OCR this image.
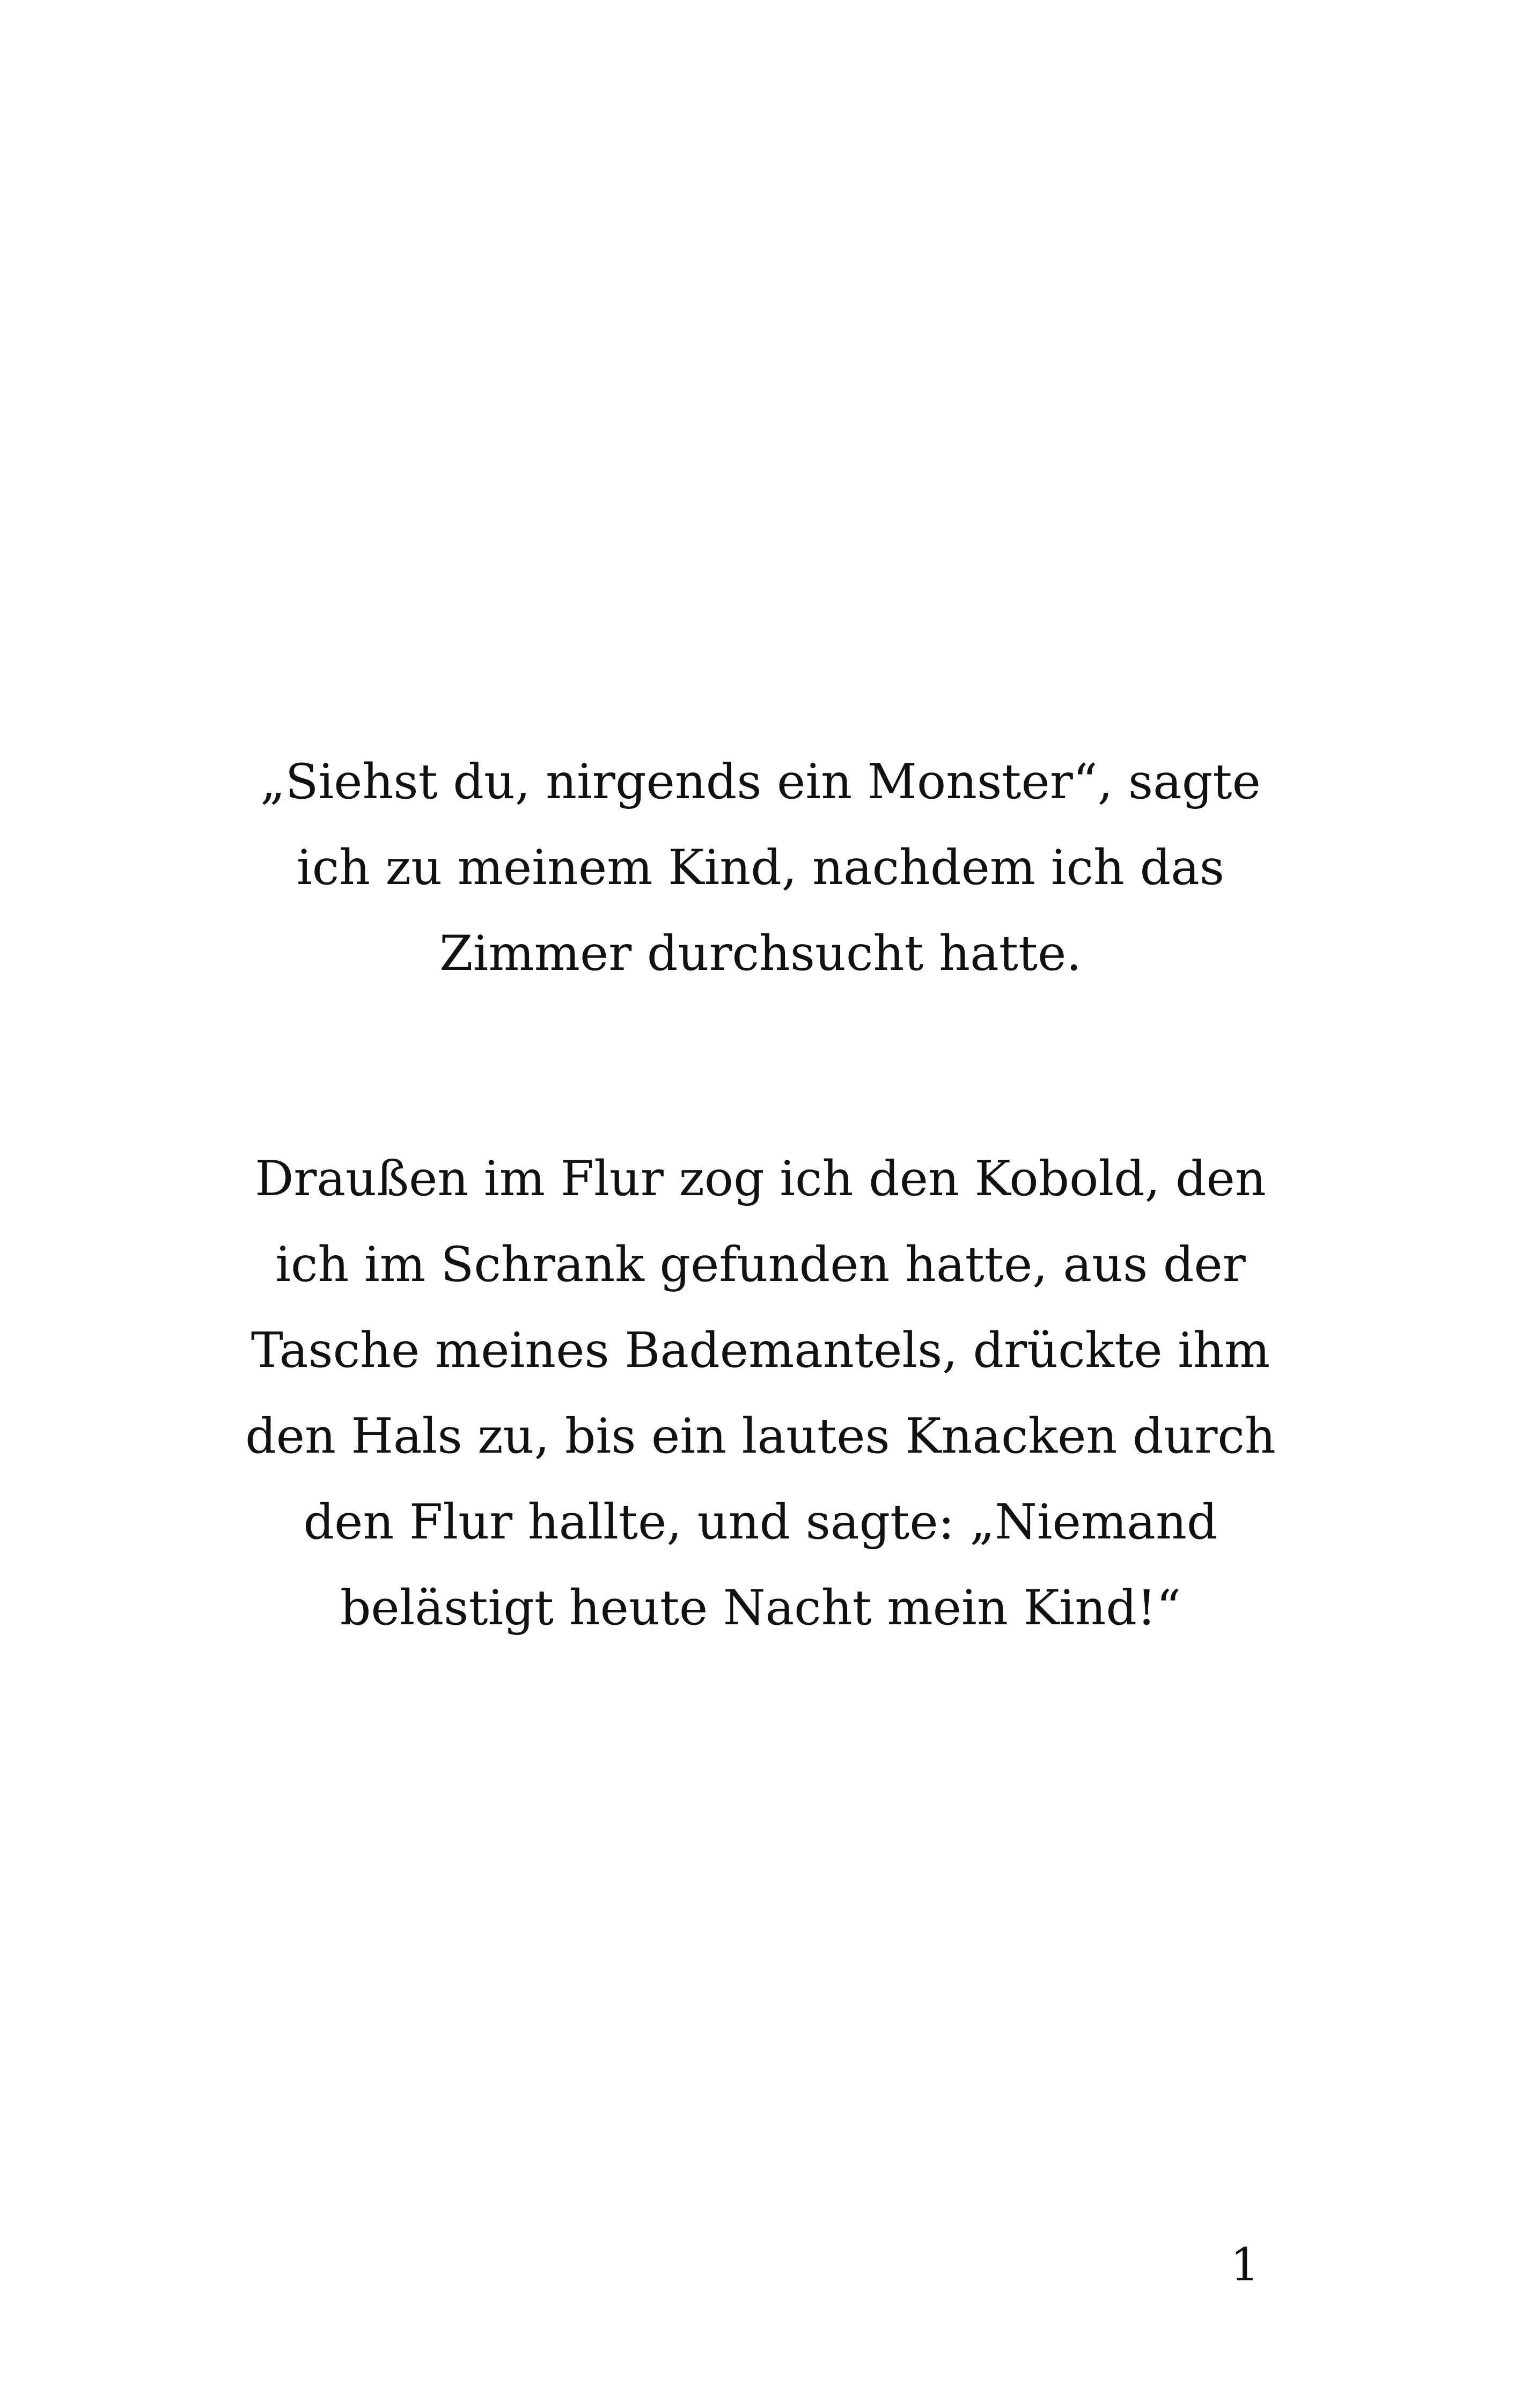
„Siehst du, nirgends ein Monster“, sagte
ich zu meinem Kind, nachdem ich das
Zimmer durchsucht hatte.
Draußen im Flur zog ich den Kobold, den
ich im Schrank gefunden hatte, aus der
Tasche meines Bademantels, drückte ihm
den Hals zu, bis ein lautes Knacken durch
den Flur hallte, und sagte: „Niemand
belästigt heute Nacht mein Kind!“
1
